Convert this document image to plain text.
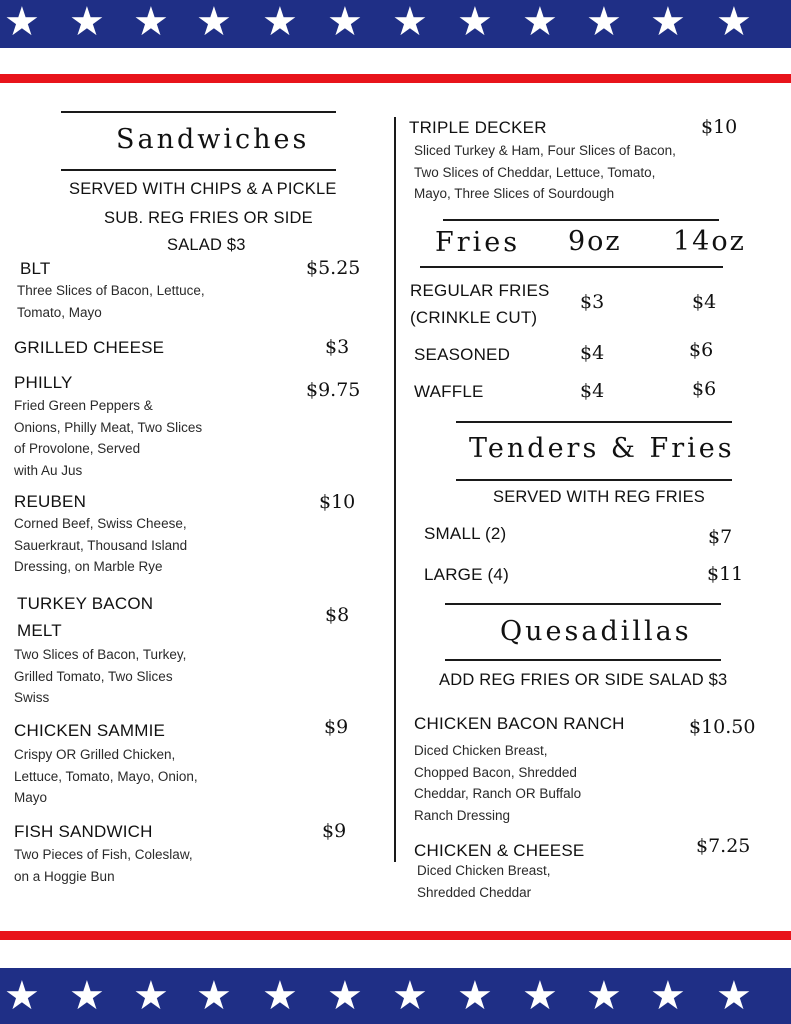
★ ★ ★ ★ ★ ★ ★ ★ ★ ★ ★ ★
★ ★ ★ ★ ★ ★ ★ ★ ★ ★ ★ ★
Sandwiches
SERVED WITH CHIPS & A PICKLE
SUB. REG FRIES OR SIDE
SALAD $3
BLT	$5.25
Three Slices of Bacon, Lettuce,
Tomato, Mayo
GRILLED CHEESE	$3
PHILLY	$9.75
Fried Green Peppers &
Onions, Philly Meat, Two Slices
of Provolone, Served
with Au Jus
REUBEN	$10
Corned Beef, Swiss Cheese,
Sauerkraut, Thousand Island
Dressing, on Marble Rye
TURKEY BACON
MELT
$8
Two Slices of Bacon, Turkey,
Grilled Tomato, Two Slices
Swiss
CHICKEN SAMMIE	$9
Crispy OR Grilled Chicken,
Lettuce, Tomato, Mayo, Onion,
Mayo
FISH SANDWICH	$9
Two Pieces of Fish, Coleslaw,
on a Hoggie Bun
TRIPLE DECKER	$10
Sliced Turkey & Ham, Four Slices of Bacon,
Two Slices of Cheddar, Lettuce, Tomato,
Mayo, Three Slices of Sourdough
Fries 9oz 14oz
REGULAR FRIES
(CRINKLE CUT)
$3	$4
SEASONED	$4	$6
WAFFLE	$4	$6
Tenders & Fries
SERVED WITH REG FRIES
SMALL (2)	$7
LARGE (4)	$11
Quesadillas
ADD REG FRIES OR SIDE SALAD $3
CHICKEN BACON RANCH	$10.50
Diced Chicken Breast,
Chopped Bacon, Shredded
Cheddar, Ranch OR Buffalo
Ranch Dressing
CHICKEN & CHEESE	$7.25
Diced Chicken Breast,
Shredded Cheddar
